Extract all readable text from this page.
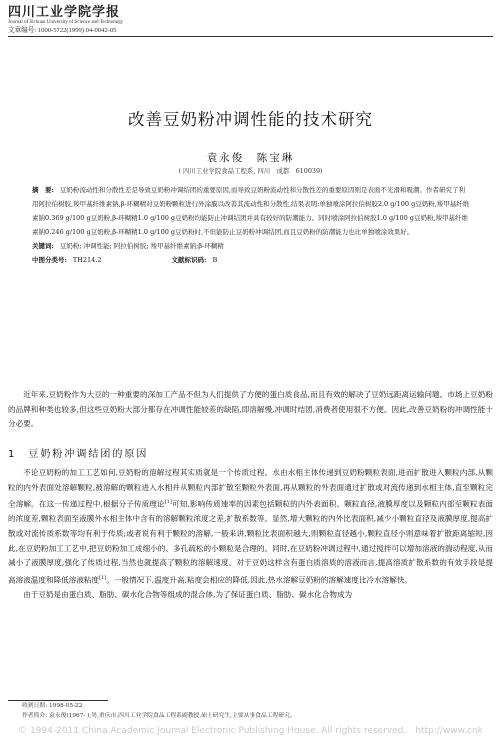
四川工业学院学报
Journal of Sichuan University of Science and Technology
文章编号: 1000-5722(1999) 04-0042-05
改善豆奶粉冲调性能的技术研究
袁永俊　陈宝琳
( 四川工业学院食品工程系, 四川　成都　610039)

摘　要: 豆奶粉流动性和分散性差是导致豆奶粉冲调结团的重要原因,而导致豆奶粉流动性和分散性差的重要原因则是表面不光滑和吸潮。作者研究了利用阿拉伯树胶,羧甲基纤维素钠,β-环糊精对豆奶粉颗粒进行外涂膜以改善其流动性和分散性,结果表明:单独喷涂阿拉伯树胶2.0 g/100 g豆奶粉,羧甲基纤维素钠0.369 g/100 g豆奶粉,β-环糊精1.0 g/100 g豆奶粉均能防止冲调结团并具有较好的防潮能力。同时喷涂阿拉伯树胶1.0 g/100 g豆奶粉,羧甲基纤维素钠0.246 g/100 g豆奶粉,β-环糊精1.0 g/100 g豆奶粉时,不但能防止豆奶粉冲调结团,而且豆奶粉的防潮能力也比单独喷涂效果好。

关键词: 豆奶粉; 冲调性能; 阿拉伯树胶; 羧甲基纤维素钠;β-环糊精

中图分类号: TH214.2	文献标识码: B

近年来,豆奶粉作为大豆的一种重要的深加工产品不但为人们提供了方便的蛋白质食品,而且有效的解决了豆奶远距离运输问题。市场上豆奶粉的品牌和种类也较多,但这些豆奶粉大部分都存在冲调性能较差的缺陷,即溶解慢,冲调时结团,消费者使用很不方便。因此,改善豆奶粉的冲调性能十分必要。

1 豆奶粉冲调结团的原因

不论豆奶粉的加工工艺如何,豆奶粉的溶解过程其实质就是一个传质过程。水由水相主体传递到豆奶粉颗粒表面,进而扩散进入颗粒内部,从颗粒的内外表面处溶解颗粒,被溶解的颗粒进入水相并从颗粒内部扩散至颗粒外表面,再从颗粒的外表面通过扩散或对流传递到水相主体,直至颗粒完全溶解。在这一传递过程中,根据分子传质理论[1]可知,影响传质速率的因素包括颗粒的内外表面积、颗粒直径,液膜厚度以及颗粒内部至颗粒表面的浓度差,颗粒表面至液膜外水相主体中含有的溶解颗粒浓度之差,扩散系数等。显然,增大颗粒的内外比表面积,减少小颗粒直径及液膜厚度,提高扩散或对流传质系数等均有利于传质;或者说有利于颗粒的溶解,一般来讲,颗粒比表面积越大,则颗粒直径越小,颗粒直径小则意味着扩散距离缩短,因此,在豆奶粉加工工艺中,把豆奶粉加工成细小的、多孔疏松的小颗粒是合理的。同时,在豆奶粉冲调过程中,通过搅拌可以增加溶液的湍动程度,从而减小了液膜厚度,强化了传质过程,当然也就提高了颗粒的溶解速度。对于豆奶这样含有蛋白质溶质的溶液而言,提高溶质扩散系数的有效手段是提高溶液温度和降低溶液粘度[1]。一般情况下,温度升高,粘度会相应的降低,因此,热水溶解豆奶粉的溶解速度比冷水溶解快。

由于豆奶是由蛋白质、脂肪、碳水化合物等组成的混合体,为了保证蛋白质、脂肪、碳水化合物成为

收到日期: 1998-05-22
作者简介: 袁永俊(1967- ),男,重庆市,四川工业学院食品工程系副教授,硕士研究生,主要从事食品工程研究。
© 1994-2011 China Academic Journal Electronic Publishing House. All rights reserved.　http://www.cnk
